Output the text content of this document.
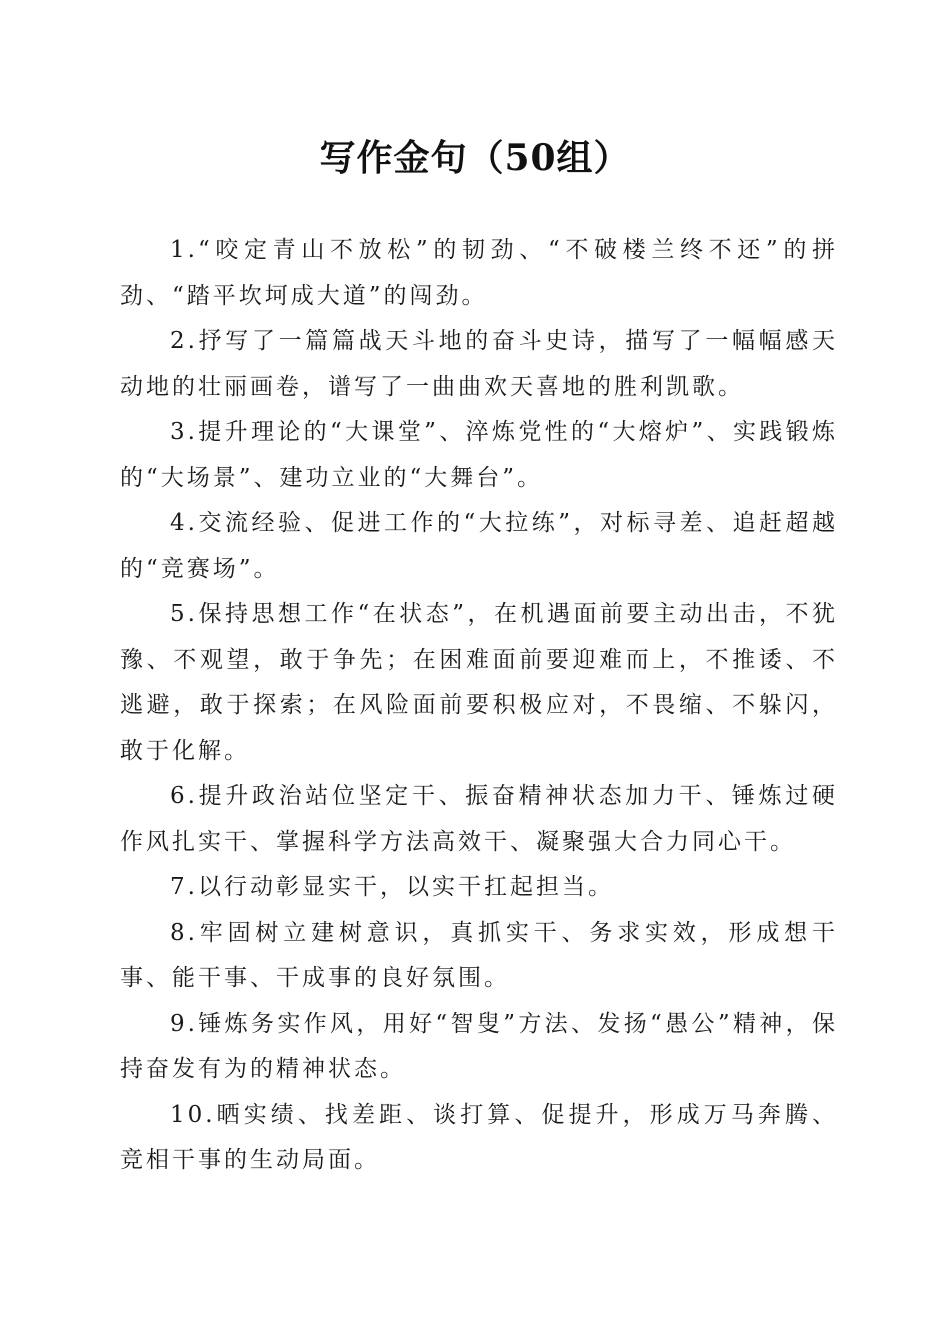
写作金句（50组）

1.“咬定青山不放松”的韧劲、“不破楼兰终不还”的拼劲、“踏平坎坷成大道”的闯劲。

2.抒写了一篇篇战天斗地的奋斗史诗，描写了一幅幅感天动地的壮丽画卷，谱写了一曲曲欢天喜地的胜利凯歌。

3.提升理论的“大课堂”、淬炼党性的“大熔炉”、实践锻炼的“大场景”、建功立业的“大舞台”。

4.交流经验、促进工作的“大拉练”，对标寻差、追赶超越的“竞赛场”。

5.保持思想工作“在状态”，在机遇面前要主动出击，不犹豫、不观望，敢于争先；在困难面前要迎难而上，不推诿、不逃避，敢于探索；在风险面前要积极应对，不畏缩、不躲闪，敢于化解。

6.提升政治站位坚定干、振奋精神状态加力干、锤炼过硬作风扎实干、掌握科学方法高效干、凝聚强大合力同心干。

7.以行动彰显实干，以实干扛起担当。

8.牢固树立建树意识，真抓实干、务求实效，形成想干事、能干事、干成事的良好氛围。

9.锤炼务实作风，用好“智叟”方法、发扬“愚公”精神，保持奋发有为的精神状态。

10.晒实绩、找差距、谈打算、促提升，形成万马奔腾、竞相干事的生动局面。
